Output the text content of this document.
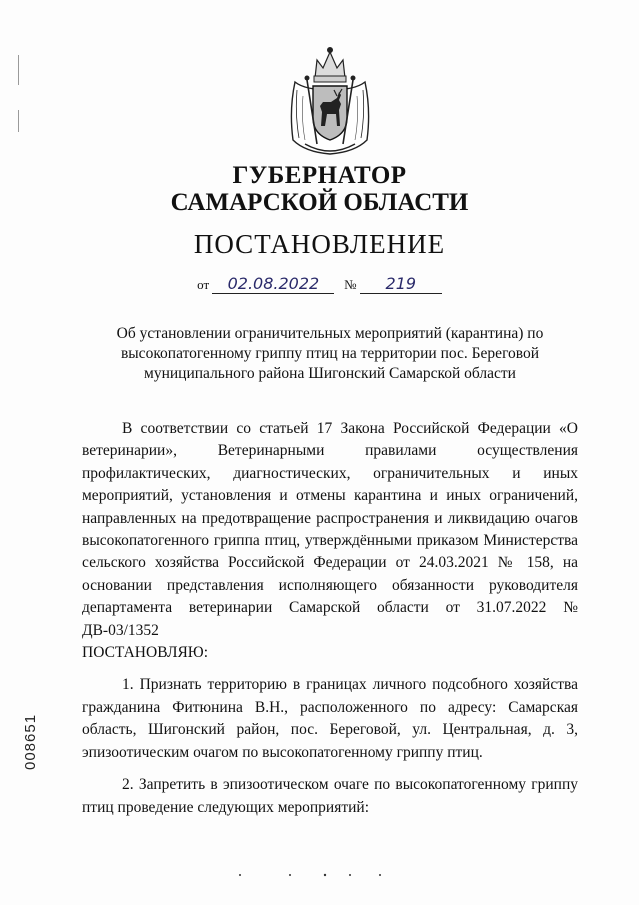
ГУБЕРНАТОР
САМАРСКОЙ ОБЛАСТИ
ПОСТАНОВЛЕНИЕ
от 02.08.2022 № 219
Об установлении ограничительных мероприятий (карантина) по высокопатогенному гриппу птиц на территории пос. Береговой муниципального района Шигонский Самарской области

В соответствии со статьей 17 Закона Российской Федерации «О ветеринарии», Ветеринарными правилами осуществления профилактических, диагностических, ограничительных и иных мероприятий, установления и отмены карантина и иных ограничений, направленных на предотвращение распространения и ликвидацию очагов высокопатогенного гриппа птиц, утверждёнными приказом Министерства сельского хозяйства Российской Федерации от 24.03.2021 № 158, на основании представления исполняющего обязанности руководителя департамента ветеринарии Самарской области от 31.07.2022 № ДВ-03/1352

ПОСТАНОВЛЯЮ:

1. Признать территорию в границах личного подсобного хозяйства гражданина Фитюнина В.Н., расположенного по адресу: Самарская область, Шигонский район, пос. Береговой, ул. Центральная, д. 3, эпизоотическим очагом по высокопатогенному гриппу птиц.

2. Запретить в эпизоотическом очаге по высокопатогенному гриппу птиц проведение следующих мероприятий:

008651
